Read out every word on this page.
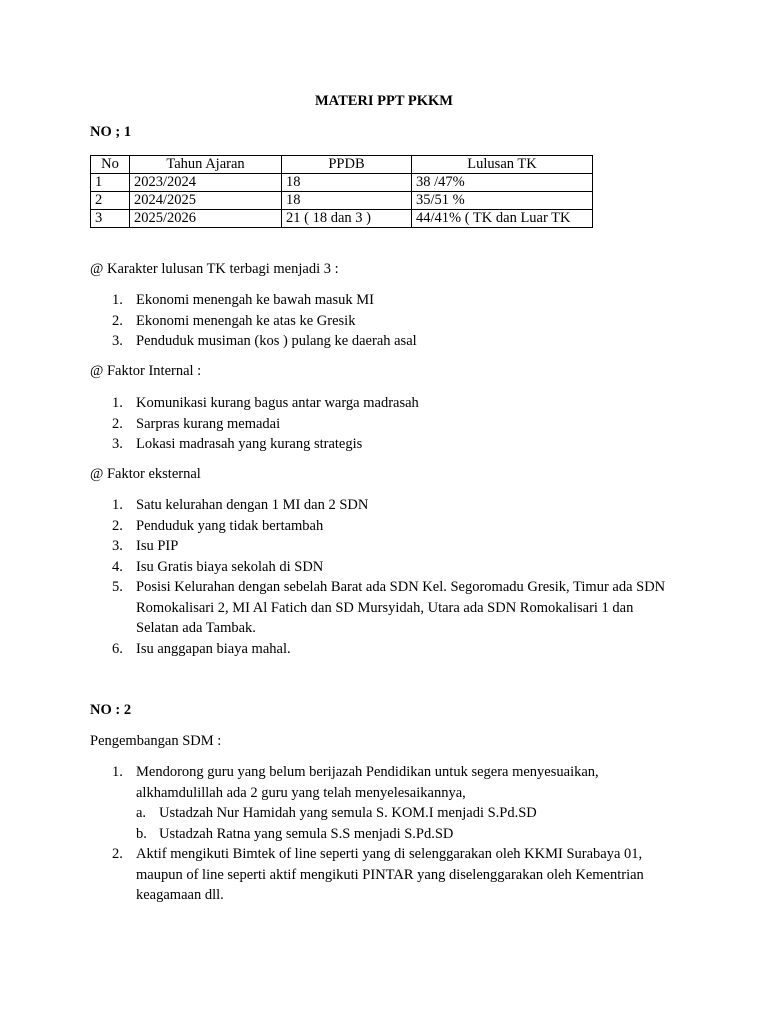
MATERI PPT PKKM
NO ; 1
No	Tahun Ajaran	PPDB	Lulusan TK
1	2023/2024	18	38 /47%
2	2024/2025	18	35/51 %
3	2025/2026	21 ( 18 dan 3 )	44/41% ( TK dan Luar TK
@ Karakter lulusan TK terbagi menjadi 3 :
1. Ekonomi menengah ke bawah masuk MI
2. Ekonomi menengah ke atas ke Gresik
3. Penduduk musiman (kos ) pulang ke daerah asal
@ Faktor Internal :
1. Komunikasi kurang bagus antar warga madrasah
2. Sarpras kurang memadai
3. Lokasi madrasah yang kurang strategis
@ Faktor eksternal
1. Satu kelurahan dengan 1 MI dan 2 SDN
2. Penduduk yang tidak bertambah
3. Isu PIP
4. Isu Gratis biaya sekolah di SDN
5. Posisi Kelurahan dengan sebelah Barat ada SDN Kel. Segoromadu Gresik, Timur ada SDN Romokalisari 2, MI Al Fatich dan SD Mursyidah, Utara ada SDN Romokalisari 1 dan Selatan ada Tambak.
6. Isu anggapan biaya mahal.
NO : 2
Pengembangan SDM :
1. Mendorong guru yang belum berijazah Pendidikan untuk segera menyesuaikan, alkhamdulillah ada 2 guru yang telah menyelesaikannya,
a. Ustadzah Nur Hamidah yang semula S. KOM.I menjadi S.Pd.SD
b. Ustadzah Ratna yang semula S.S menjadi S.Pd.SD
2. Aktif mengikuti Bimtek of line seperti yang di selenggarakan oleh KKMI Surabaya 01, maupun of line seperti aktif mengikuti PINTAR yang diselenggarakan oleh Kementrian keagamaan dll.
